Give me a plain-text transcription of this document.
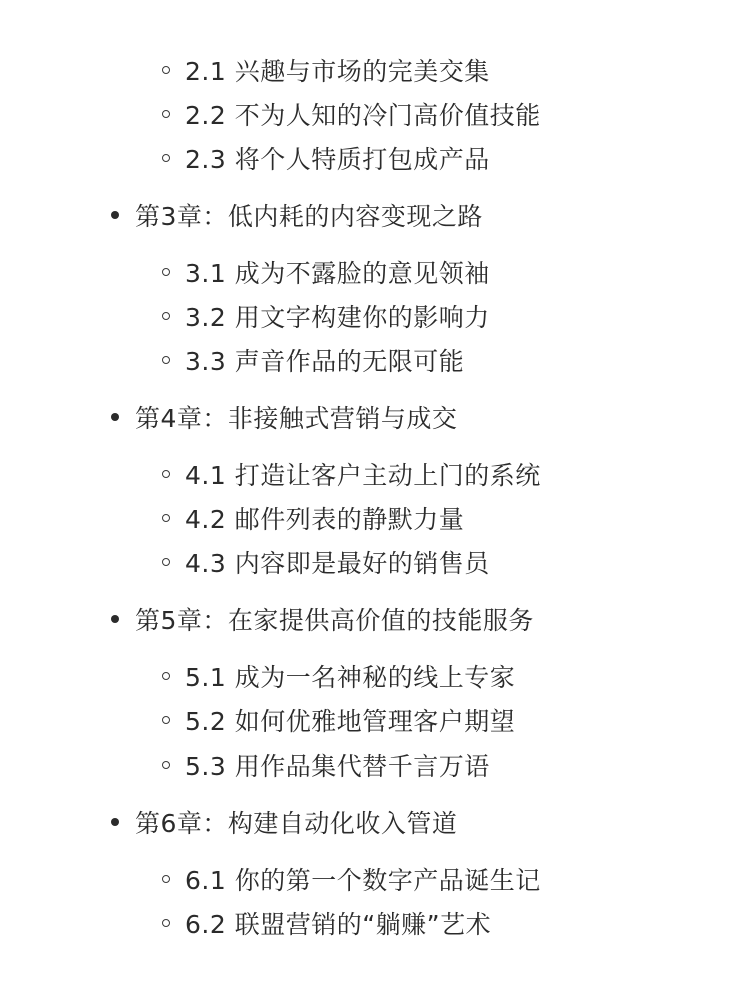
2.1 兴趣与市场的完美交集
2.2 不为人知的冷门高价值技能
2.3 将个人特质打包成产品
第3章：低内耗的内容变现之路
3.1 成为不露脸的意见领袖
3.2 用文字构建你的影响力
3.3 声音作品的无限可能
第4章：非接触式营销与成交
4.1 打造让客户主动上门的系统
4.2 邮件列表的静默力量
4.3 内容即是最好的销售员
第5章：在家提供高价值的技能服务
5.1 成为一名神秘的线上专家
5.2 如何优雅地管理客户期望
5.3 用作品集代替千言万语
第6章：构建自动化收入管道
6.1 你的第一个数字产品诞生记
6.2 联盟营销的“躺赚”艺术
